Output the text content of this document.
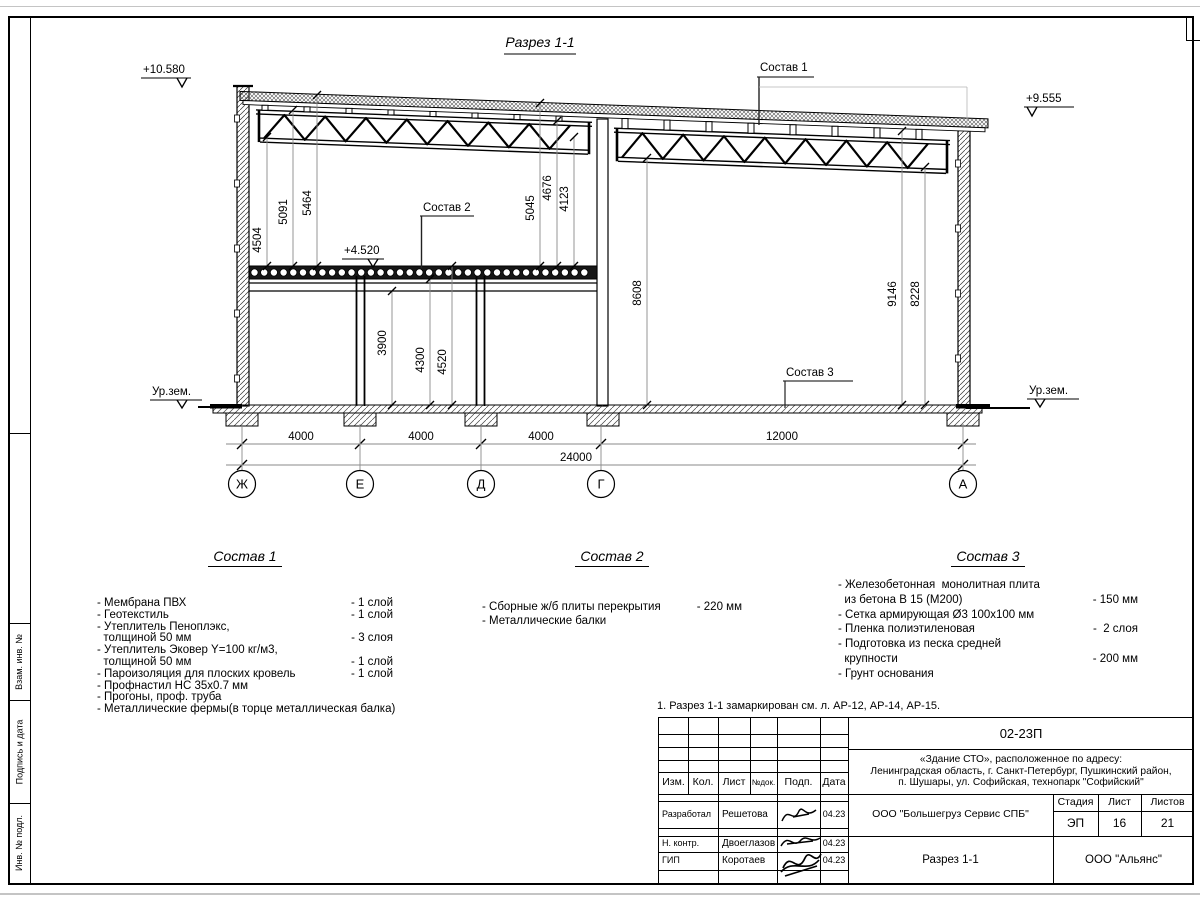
Взам. инв. №
Подпись и дата
Инв. № подл.
Разрез 1-1
+10.580
+9.555
+4.520
Ур.зем.	Ур.зем.
Состав 1
Состав 2
Состав 3
4504
5091 5464	5045
4676 4123
8608	9146 8228
3900
4300 4520
4000	4000	4000	12000
24000
Ж	Е	Д	Г	А
Состав 1	Состав 2	Состав 3
- Мембрана ПВХ	- 1 слой
- Геотекстиль	- 1 слой
- Утеплитель Пеноплэкс,
толщиной 50 мм	- 3 слоя
- Утеплитель Эковер Y=100 кг/м3,
толщиной 50 мм	- 1 слой
- Пароизоляция для плоских кровель	- 1 слой
- Профнастил НС 35х0.7 мм
- Прогоны, проф. труба
- Металлические фермы(в торце металлическая балка)
- Сборные ж/б плиты перекрытия	- 220 мм
- Металлические балки
- Железобетонная  монолитная плита
из бетона В 15 (М200)	- 150 мм
- Сетка армирующая Ø3 100х100 мм
- Пленка полиэтиленовая	-  2 слоя
- Подготовка из песка средней
крупности	- 200 мм
- Грунт основания
1. Разрез 1-1 замаркирован см. л. АР-12, АР-14, АР-15.
Изм. Кол. Лист №док. Подп. Дата
Разработал	Решетова	04.23
Н. контр.	Двоеглазов	04.23
ГИП	Коротаев	04.23
02-23П
«Здание СТО», расположенное по адресу:
Ленинградская область, г. Санкт-Петербург, Пушкинский район,
п. Шушары, ул. Софийская, технопарк "Софийский"
ООО "Большегруз Сервис СПБ"
Стадия	Лист	Листов
ЭП	16	21
Разрез 1-1	ООО "Альянс"
